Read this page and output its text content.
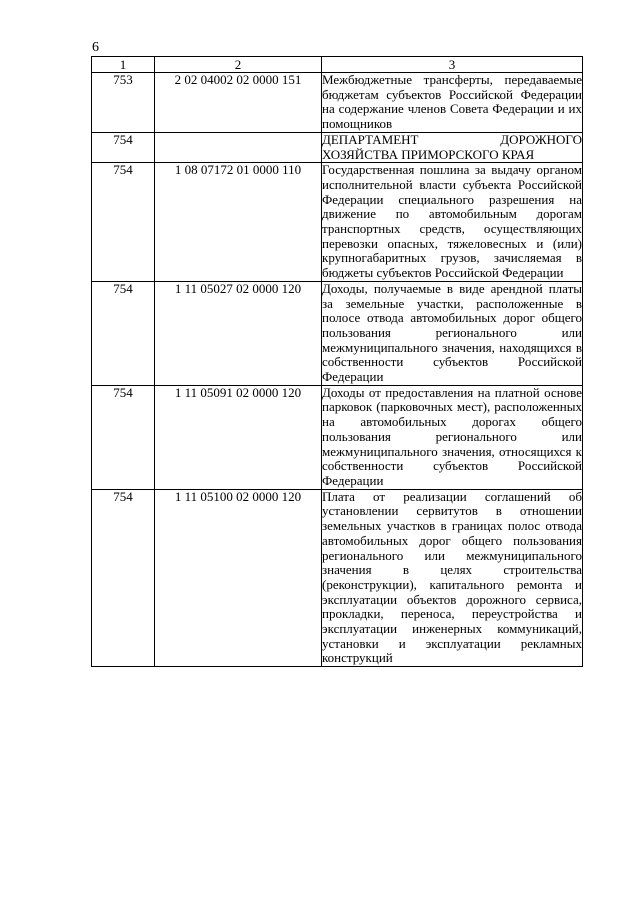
6
1	2	3
753	2 02 04002 02 0000 151	Межбюджетные трансферты, передаваемые бюджетам субъектов Российской Федерации на содержание членов Совета Федерации и их помощников
754		ДЕПАРТАМЕНТ ДОРОЖНОГО ХОЗЯЙСТВА ПРИМОРСКОГО КРАЯ
754	1 08 07172 01 0000 110	Государственная пошлина за выдачу органом исполнительной власти субъекта Российской Федерации специального разрешения на движение по автомобильным дорогам транспортных средств, осуществляющих перевозки опасных, тяжеловесных и (или) крупногабаритных грузов, зачисляемая в бюджеты субъектов Российской Федерации
754	1 11 05027 02 0000 120	Доходы, получаемые в виде арендной платы за земельные участки, расположенные в полосе отвода автомобильных дорог общего пользования регионального или межмуниципального значения, находящихся в собственности субъектов Российской Федерации
754	1 11 05091 02 0000 120	Доходы от предоставления на платной основе парковок (парковочных мест), расположенных на автомобильных дорогах общего пользования регионального или межмуниципального значения, относящихся к собственности субъектов Российской Федерации
754	1 11 05100 02 0000 120	Плата от реализации соглашений об установлении сервитутов в отношении земельных участков в границах полос отвода автомобильных дорог общего пользования регионального или межмуниципального значения в целях строительства (реконструкции), капитального ремонта и эксплуатации объектов дорожного сервиса, прокладки, переноса, переустройства и эксплуатации инженерных коммуникаций, установки и эксплуатации рекламных конструкций
